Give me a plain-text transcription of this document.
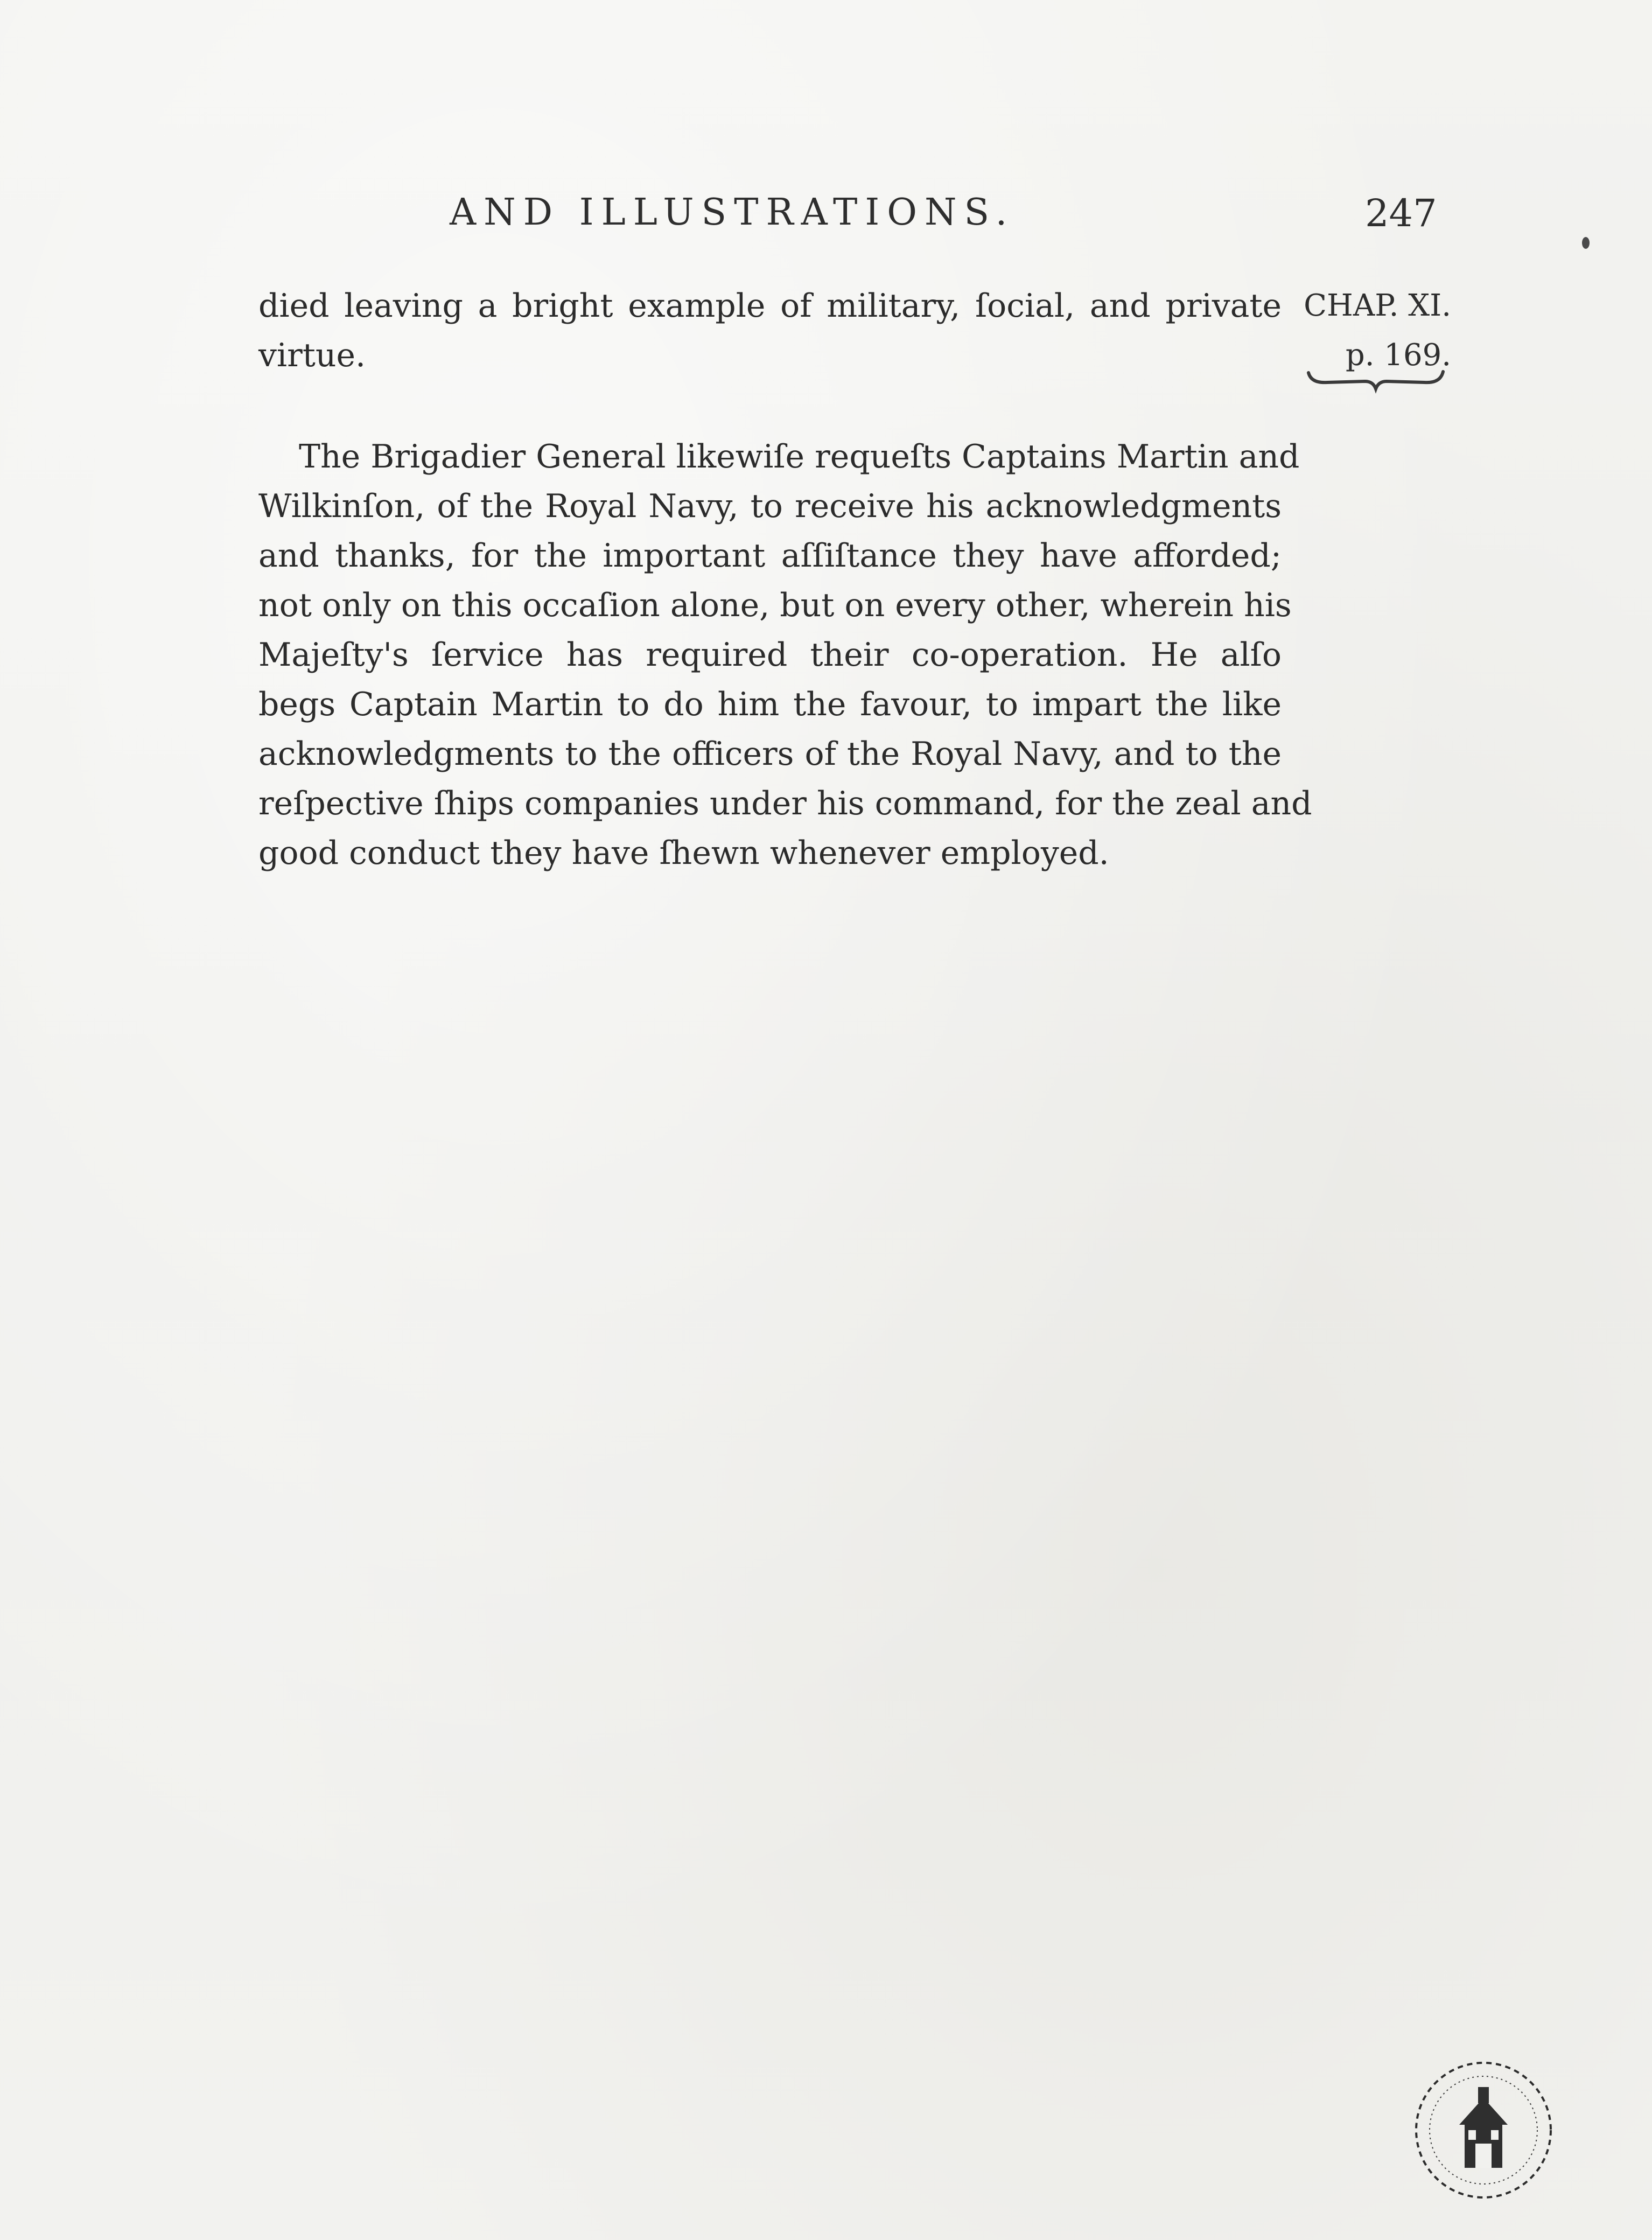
AND ILLUSTRATIONS.	247
CHAP. XI.
p. 169.
died leaving a bright example of military, ſocial, and private
virtue.
The Brigadier General likewiſe requeſts Captains Martin and
Wilkinſon, of the Royal Navy, to receive his acknowledgments
and thanks, for the important aſſiſtance they have afforded;
not only on this occaſion alone, but on every other, wherein his
Majeſty's ſervice has required their co-operation. He alſo
begs Captain Martin to do him the favour, to impart the like
acknowledgments to the officers of the Royal Navy, and to the
reſpective ſhips companies under his command, for the zeal and
good conduct they have ſhewn whenever employed.
